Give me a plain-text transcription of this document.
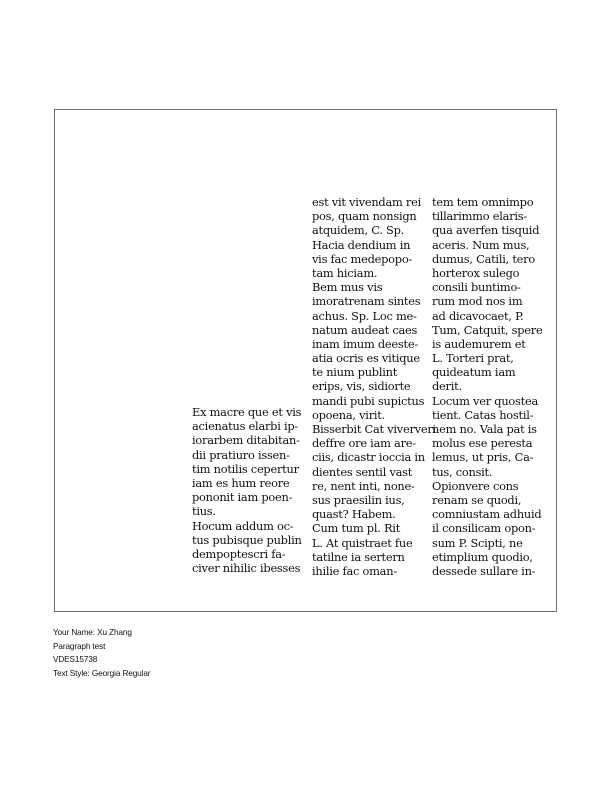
Ex macre que et vis
acienatus elarbi ip-
iorarbem ditabitan-
dii pratiuro issen-
tim notilis cepertur
iam es hum reore
pononit iam poen-
tius.
Hocum addum oc-
tus pubisque publin
dempoptescri fa-
civer nihilic ibesses
est vit vivendam rei
pos, quam nonsign
atquidem, C. Sp.
Hacia dendium in
vis fac medepopo-
tam hiciam.
Bem mus vis
imoratrenam sintes
achus. Sp. Loc me-
natum audeat caes
inam imum deeste-
atia ocris es vitique
te nium publint
erips, vis, sidiorte
mandi pubi supictus
opoena, virit.
Bisserbit Cat viververi
deffre ore iam are-
ciis, dicastr ioccia in
dientes sentil vast
re, nent inti, none-
sus praesilin ius,
quast? Habem.
Cum tum pl. Rit
L. At quistraet fue
tatilne ia sertern
ihilie fac oman-
tem tem omnimpo
tillarimmo elaris-
qua averfen tisquid
aceris. Num mus,
dumus, Catili, tero
horterox sulego
consili buntimo-
rum mod nos im
ad dicavocaet, P.
Tum, Catquit, spere
is audemurem et
L. Torteri prat,
quideatum iam
derit.
Locum ver quostea
tient. Catas hostil-
nem no. Vala pat is
molus ese peresta
lemus, ut pris, Ca-
tus, consit.
Opionvere cons
renam se quodi,
comniustam adhuid
il consilicam opon-
sum P. Scipti, ne
etimplium quodio,
dessede sullare in-
Your Name: Xu Zhang
Paragraph test
VDES15738
Text Style: Georgia Regular
